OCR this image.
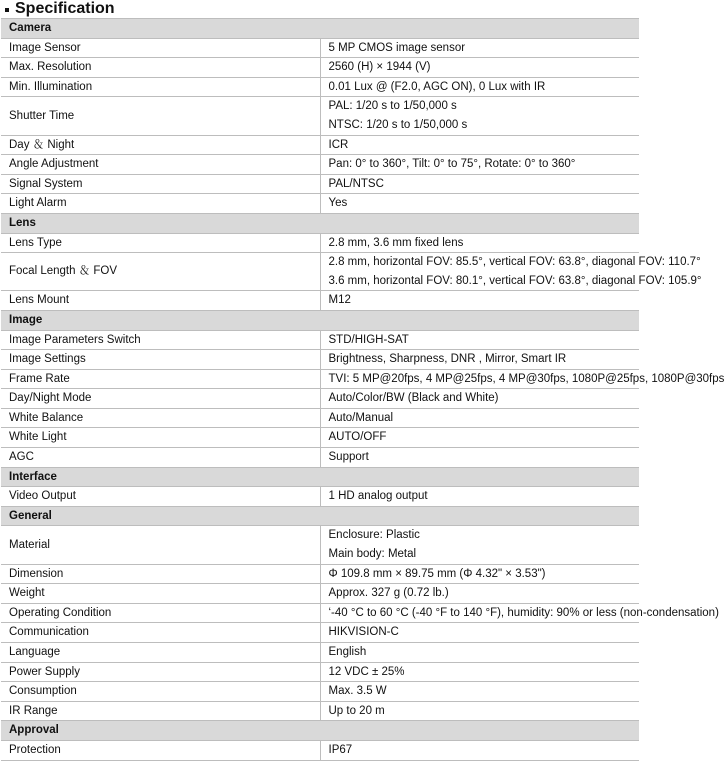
Specification
Camera	
Image Sensor	5 MP CMOS image sensor
Max. Resolution	2560 (H) × 1944 (V)
Min. Illumination	0.01 Lux @ (F2.0, AGC ON), 0 Lux with IR
Shutter Time	PAL: 1/20 s to 1/50,000 s
NTSC: 1/20 s to 1/50,000 s

Day ＆ Night	ICR
Angle Adjustment	Pan: 0° to 360°, Tilt: 0° to 75°, Rotate: 0° to 360°
Signal System	PAL/NTSC
Light Alarm	Yes
Lens	
Lens Type	2.8 mm, 3.6 mm fixed lens
Focal Length ＆ FOV	2.8 mm, horizontal FOV: 85.5°, vertical FOV: 63.8°, diagonal FOV: 110.7°
3.6 mm, horizontal FOV: 80.1°, vertical FOV: 63.8°, diagonal FOV: 105.9°

Lens Mount	M12
Image	
Image Parameters Switch	STD/HIGH-SAT
Image Settings	Brightness, Sharpness, DNR , Mirror, Smart IR
Frame Rate	TVI: 5 MP@20fps, 4 MP@25fps, 4 MP@30fps, 1080P@25fps, 1080P@30fps
Day/Night Mode	Auto/Color/BW (Black and White)
White Balance	Auto/Manual
White Light	AUTO/OFF
AGC	Support
Interface	
Video Output	1 HD analog output
General	
Material	Enclosure: Plastic
Main body: Metal

Dimension	Φ 109.8 mm × 89.75 mm (Φ 4.32" × 3.53")
Weight	Approx. 327 g (0.72 lb.)
Operating Condition	‘-40 °C to 60 °C (-40 °F to 140 °F), humidity: 90% or less (non-condensation)
Communication	HIKVISION-C
Language	English
Power Supply	12 VDC ± 25%
Consumption	Max. 3.5 W
IR Range	Up to 20 m
Approval	
Protection	IP67
